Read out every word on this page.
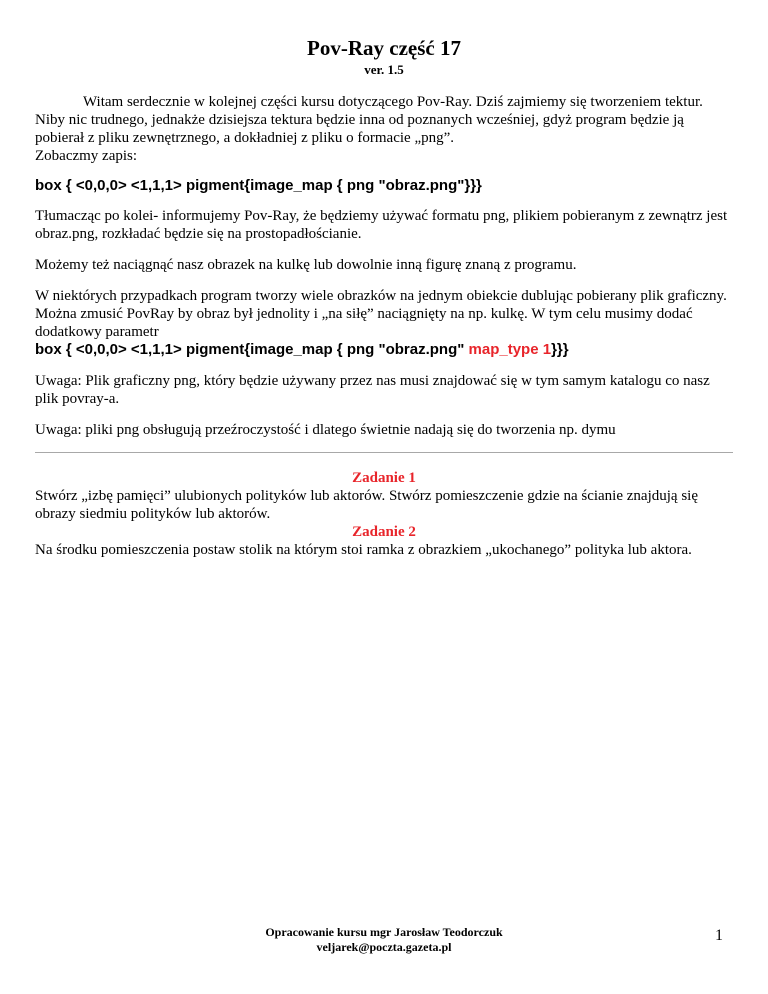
Pov-Ray część 17

ver. 1.5

Witam serdecznie w kolejnej części kursu dotyczącego Pov-Ray. Dziś zajmiemy się tworzeniem tektur. Niby nic trudnego, jednakże dzisiejsza tektura będzie inna od poznanych wcześniej, gdyż program będzie ją pobierał z pliku zewnętrznego, a dokładniej z pliku o formacie „png”.

Zobaczmy zapis:

box { <0,0,0> <1,1,1> pigment{image_map { png "obraz.png"}}}

Tłumacząc po kolei- informujemy Pov-Ray, że będziemy używać formatu png, plikiem pobieranym z zewnątrz jest obraz.png, rozkładać będzie się na prostopadłościanie.

Możemy też naciągnąć nasz obrazek na kulkę lub dowolnie inną figurę znaną z programu.

W niektórych przypadkach program tworzy wiele obrazków na jednym obiekcie dublując pobierany plik graficzny. Można zmusić PovRay by obraz był jednolity i „na siłę” naciągnięty na np. kulkę. W tym celu musimy dodać dodatkowy parametr

box { <0,0,0> <1,1,1> pigment{image_map { png "obraz.png" map_type 1}}}

Uwaga: Plik graficzny png, który będzie używany przez nas musi znajdować się w tym samym katalogu co nasz plik povray-a.

Uwaga: pliki png obsługują przeźroczystość i dlatego świetnie nadają się do tworzenia np. dymu

Zadanie 1

Stwórz „izbę pamięci” ulubionych polityków lub aktorów. Stwórz pomieszczenie gdzie na ścianie znajdują się obrazy siedmiu polityków lub aktorów.

Zadanie 2

Na środku pomieszczenia postaw stolik na którym stoi ramka z obrazkiem „ukochanego” polityka lub aktora.

Opracowanie kursu mgr Jarosław Teodorczuk
veljarek@poczta.gazeta.pl
1
